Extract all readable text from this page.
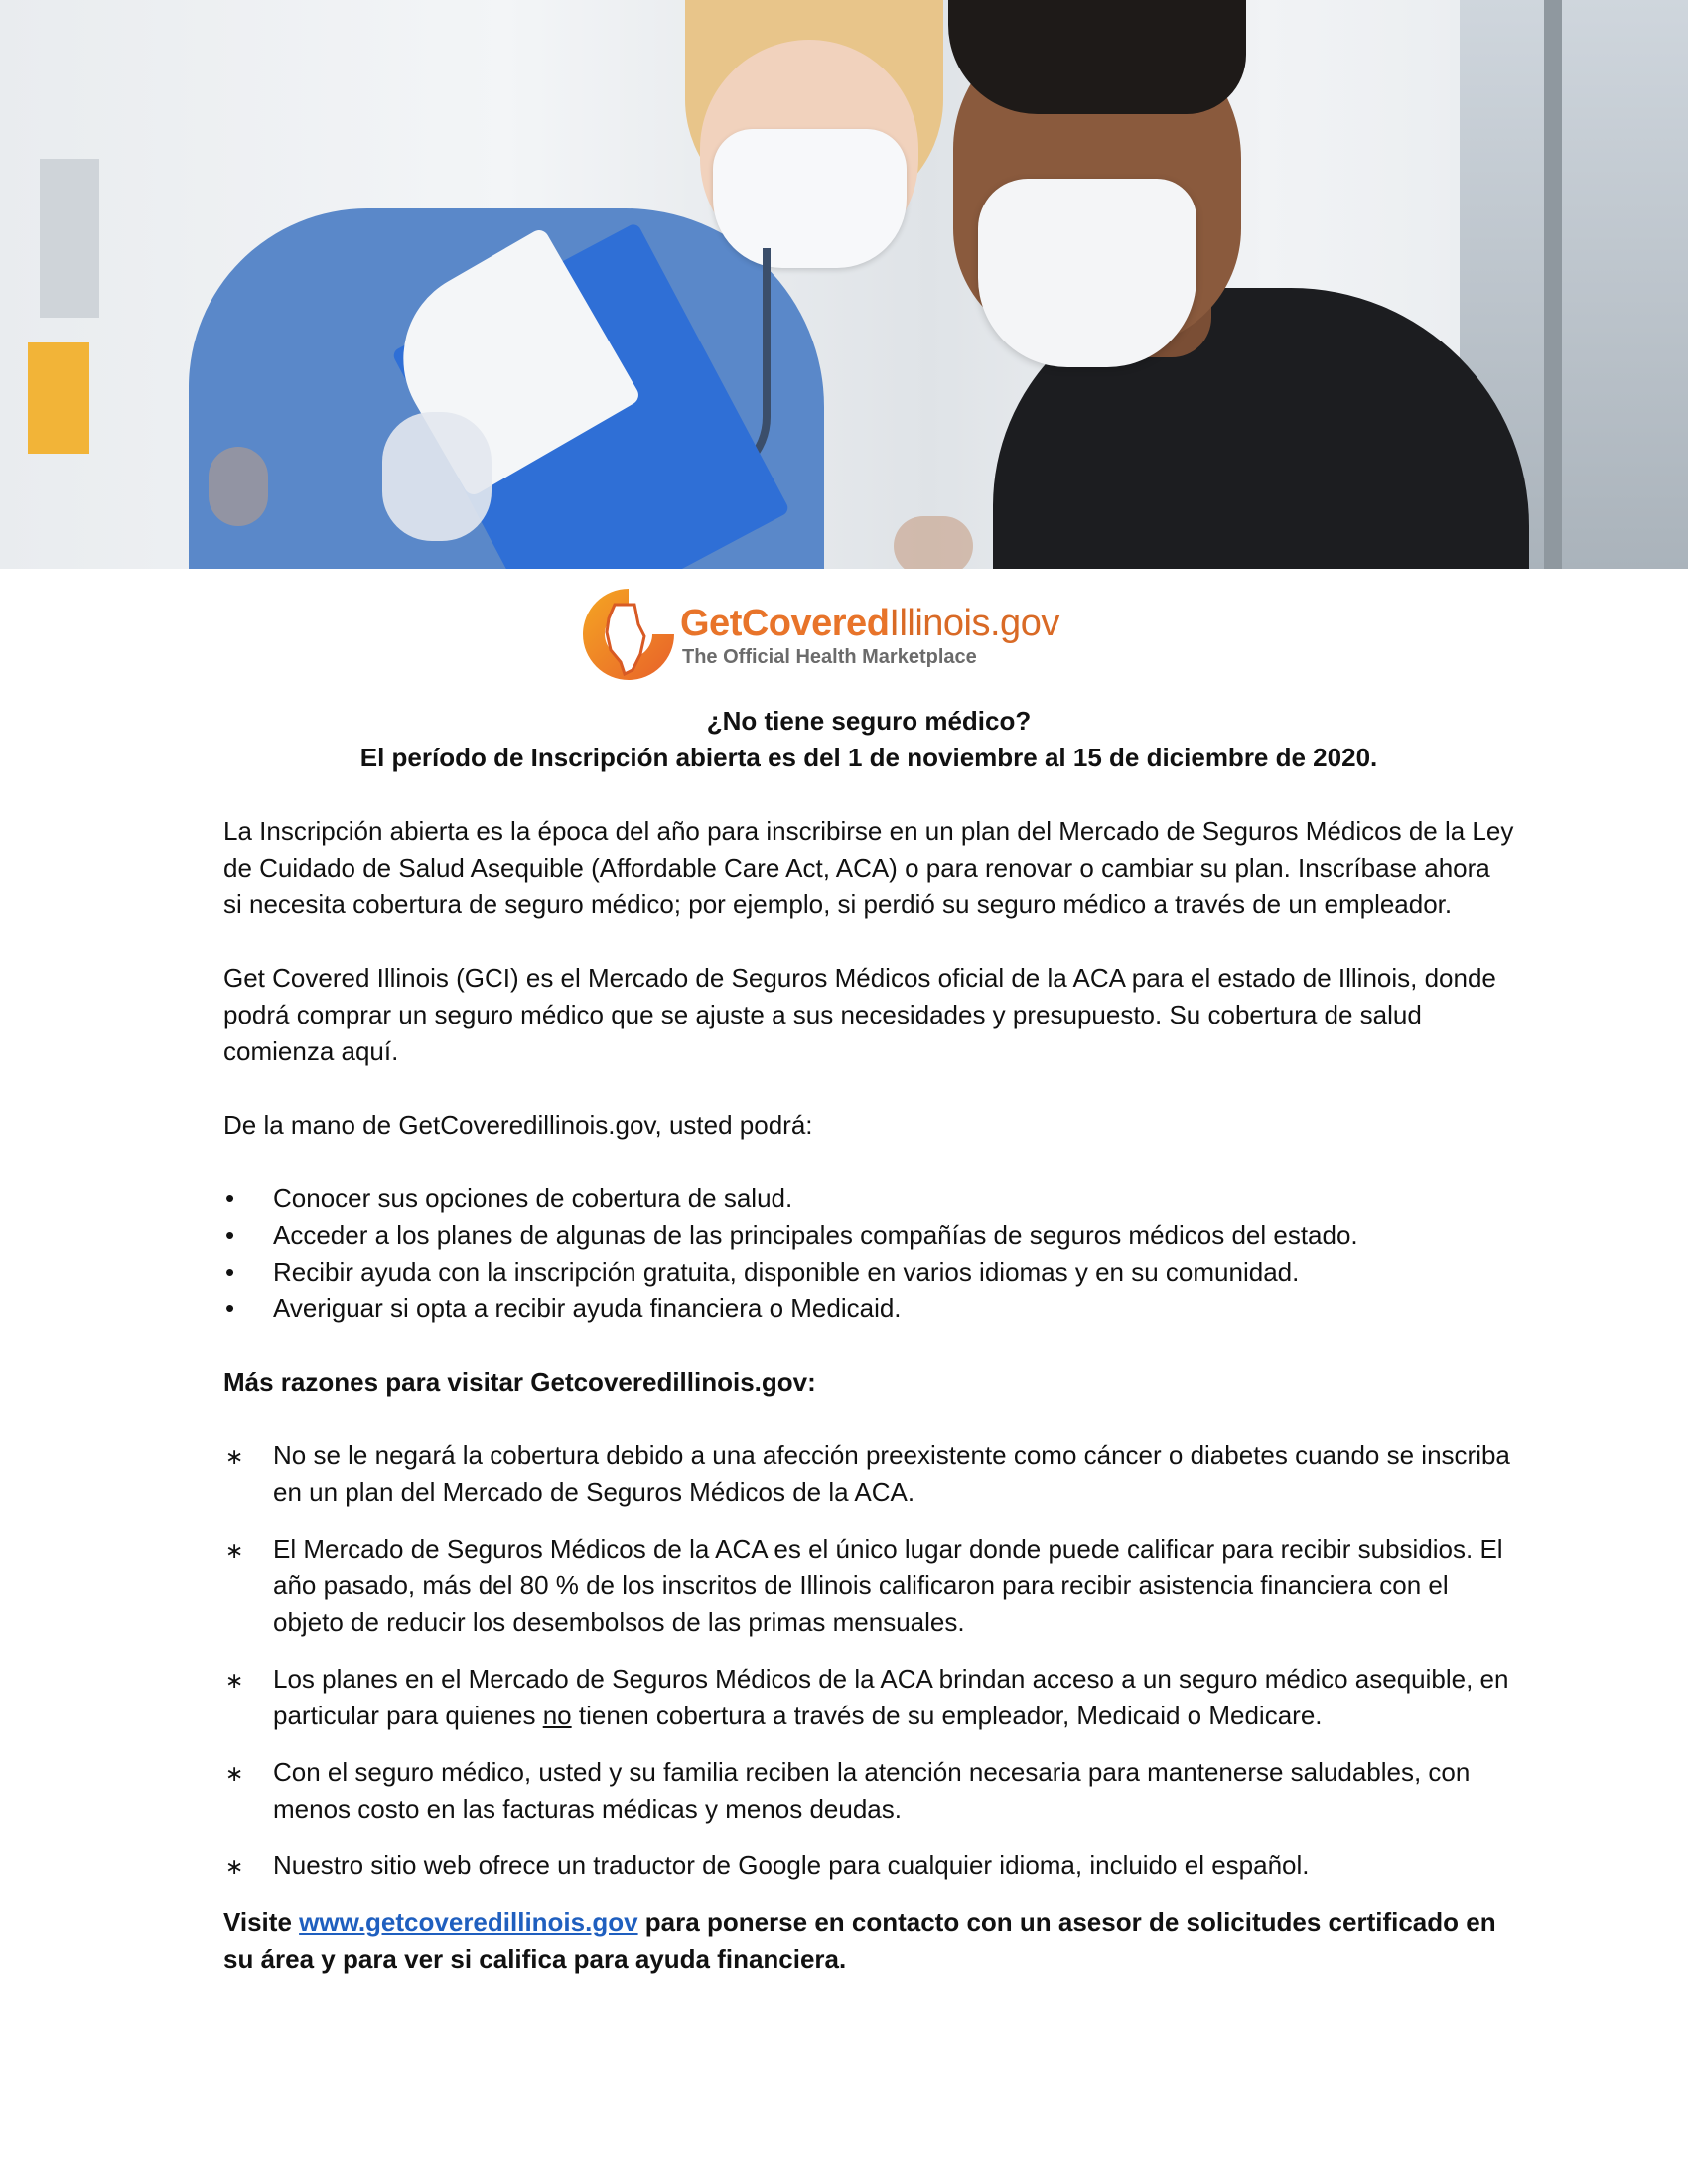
GetCoveredIllinois.gov
The Official Health Marketplace

¿No tiene seguro médico?

El período de Inscripción abierta es del 1 de noviembre al 15 de diciembre de 2020.

La Inscripción abierta es la época del año para inscribirse en un plan del Mercado de Seguros Médicos de la Ley de Cuidado de Salud Asequible (Affordable Care Act, ACA) o para renovar o cambiar su plan. Inscríbase ahora si necesita cobertura de seguro médico; por ejemplo, si perdió su seguro médico a través de un empleador.

Get Covered Illinois (GCI) es el Mercado de Seguros Médicos oficial de la ACA para el estado de Illinois, donde podrá comprar un seguro médico que se ajuste a sus necesidades y presupuesto. Su cobertura de salud comienza aquí.

De la mano de GetCoveredillinois.gov, usted podrá:

• Conocer sus opciones de cobertura de salud.
• Acceder a los planes de algunas de las principales compañías de seguros médicos del estado.
• Recibir ayuda con la inscripción gratuita, disponible en varios idiomas y en su comunidad.
• Averiguar si opta a recibir ayuda financiera o Medicaid.

Más razones para visitar Getcoveredillinois.gov:

∗ No se le negará la cobertura debido a una afección preexistente como cáncer o diabetes cuando se inscriba en un plan del Mercado de Seguros Médicos de la ACA.
∗ El Mercado de Seguros Médicos de la ACA es el único lugar donde puede calificar para recibir subsidios. El año pasado, más del 80 % de los inscritos de Illinois calificaron para recibir asistencia financiera con el objeto de reducir los desembolsos de las primas mensuales.
∗ Los planes en el Mercado de Seguros Médicos de la ACA brindan acceso a un seguro médico asequible, en particular para quienes no tienen cobertura a través de su empleador, Medicaid o Medicare.
∗ Con el seguro médico, usted y su familia reciben la atención necesaria para mantenerse saludables, con menos costo en las facturas médicas y menos deudas.
∗ Nuestro sitio web ofrece un traductor de Google para cualquier idioma, incluido el español.

Visite www.getcoveredillinois.gov para ponerse en contacto con un asesor de solicitudes certificado en su área y para ver si califica para ayuda financiera.
